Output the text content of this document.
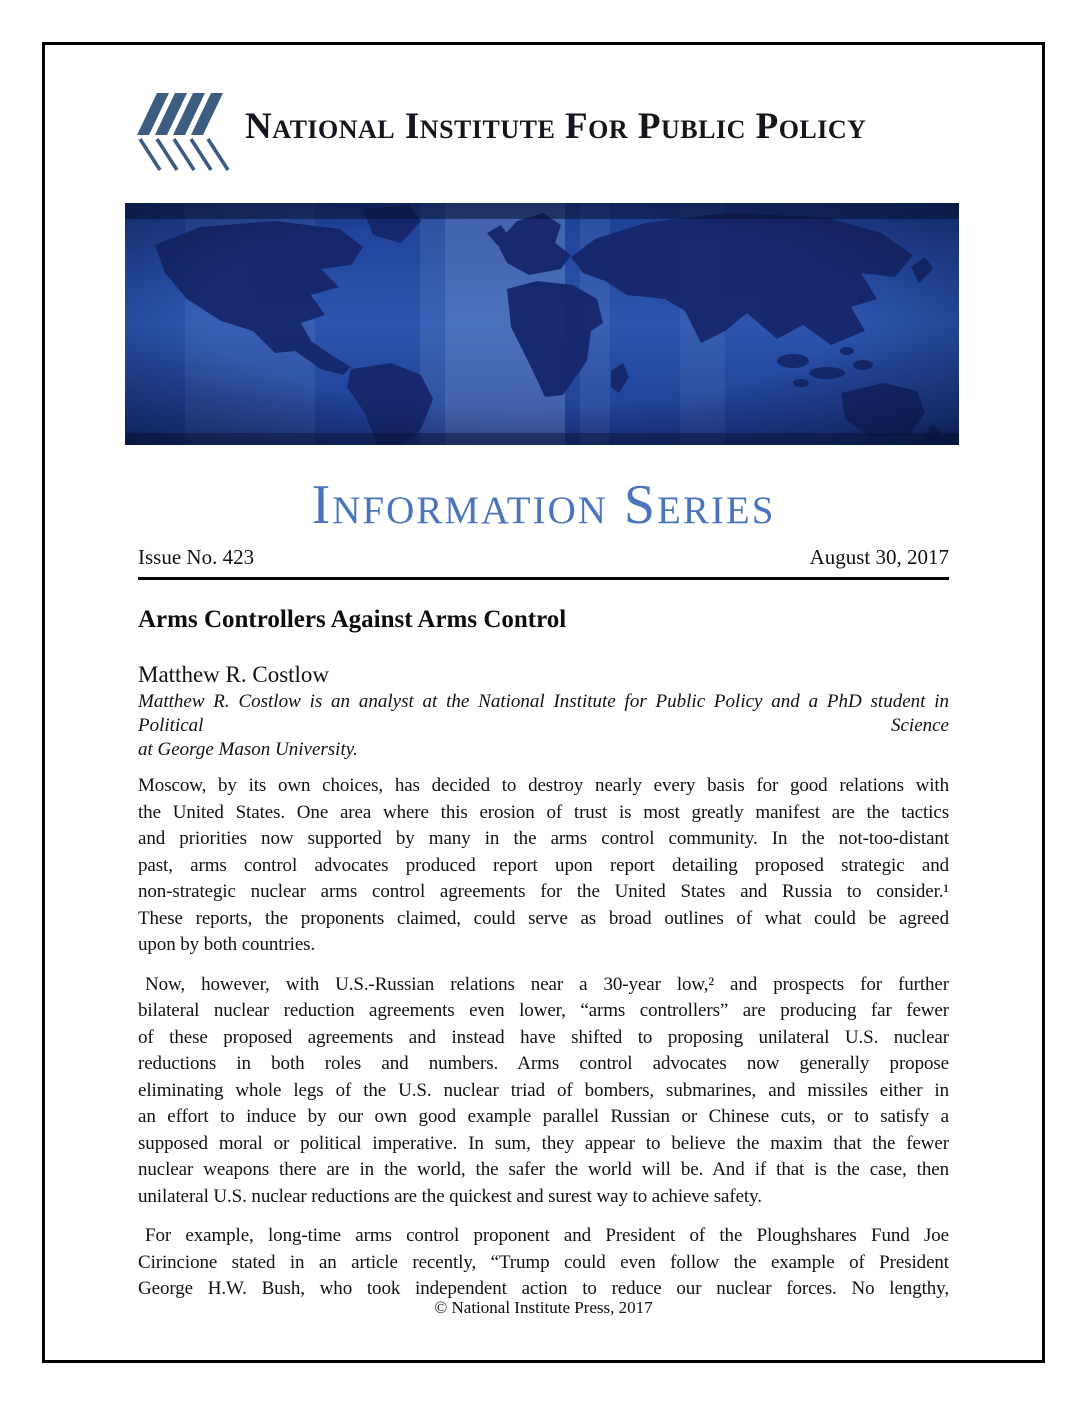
National Institute For Public Policy
Information Series
Issue No. 423	August 30, 2017
Arms Controllers Against Arms Control
Matthew R. Costlow
Matthew R. Costlow is an analyst at the National Institute for Public Policy and a PhD student in Political Science
at George Mason University.
Moscow, by its own choices, has decided to destroy nearly every basis for good relations with
the United States. One area where this erosion of trust is most greatly manifest are the tactics
and priorities now supported by many in the arms control community. In the not-too-distant
past, arms control advocates produced report upon report detailing proposed strategic and
non-strategic nuclear arms control agreements for the United States and Russia to consider.¹
These reports, the proponents claimed, could serve as broad outlines of what could be agreed
upon by both countries.
Now, however, with U.S.-Russian relations near a 30-year low,² and prospects for further
bilateral nuclear reduction agreements even lower, “arms controllers” are producing far fewer
of these proposed agreements and instead have shifted to proposing unilateral U.S. nuclear
reductions in both roles and numbers. Arms control advocates now generally propose
eliminating whole legs of the U.S. nuclear triad of bombers, submarines, and missiles either in
an effort to induce by our own good example parallel Russian or Chinese cuts, or to satisfy a
supposed moral or political imperative. In sum, they appear to believe the maxim that the fewer
nuclear weapons there are in the world, the safer the world will be. And if that is the case, then
unilateral U.S. nuclear reductions are the quickest and surest way to achieve safety.
For example, long-time arms control proponent and President of the Ploughshares Fund Joe
Cirincione stated in an article recently, “Trump could even follow the example of President
George H.W. Bush, who took independent action to reduce our nuclear forces. No lengthy,
© National Institute Press, 2017
